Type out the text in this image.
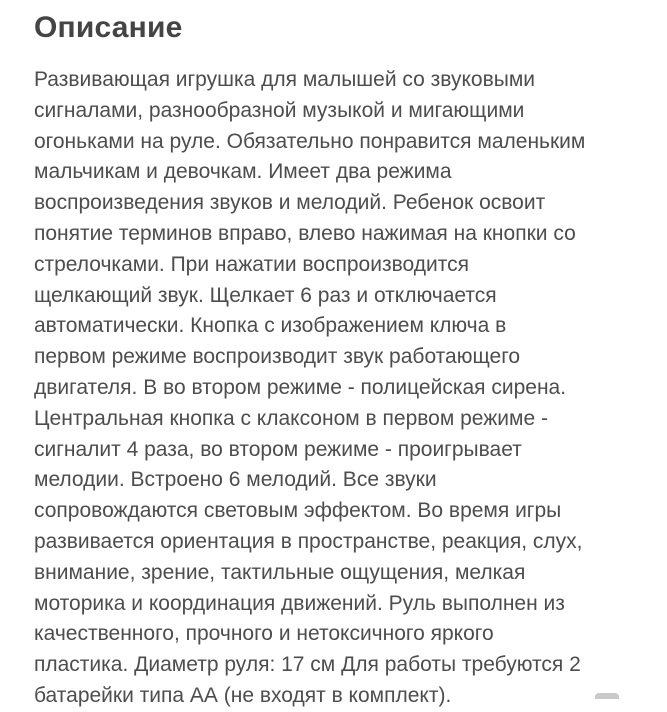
Описание
Развивающая игрушка для малышей со звуковыми
сигналами, разнообразной музыкой и мигающими
огоньками на руле. Обязательно понравится маленьким
мальчикам и девочкам. Имеет два режима
воспроизведения звуков и мелодий. Ребенок освоит
понятие терминов вправо, влево нажимая на кнопки со
стрелочками. При нажатии воспроизводится
щелкающий звук. Щелкает 6 раз и отключается
автоматически. Кнопка с изображением ключа в
первом режиме воспроизводит звук работающего
двигателя. В во втором режиме - полицейская сирена.
Центральная кнопка с клаксоном в первом режиме -
сигналит 4 раза, во втором режиме - проигрывает
мелодии. Встроено 6 мелодий. Все звуки
сопровождаются световым эффектом. Во время игры
развивается ориентация в пространстве, реакция, слух,
внимание, зрение, тактильные ощущения, мелкая
моторика и координация движений. Руль выполнен из
качественного, прочного и нетоксичного яркого
пластика. Диаметр руля: 17 см Для работы требуются 2
батарейки типа АА (не входят в комплект).
